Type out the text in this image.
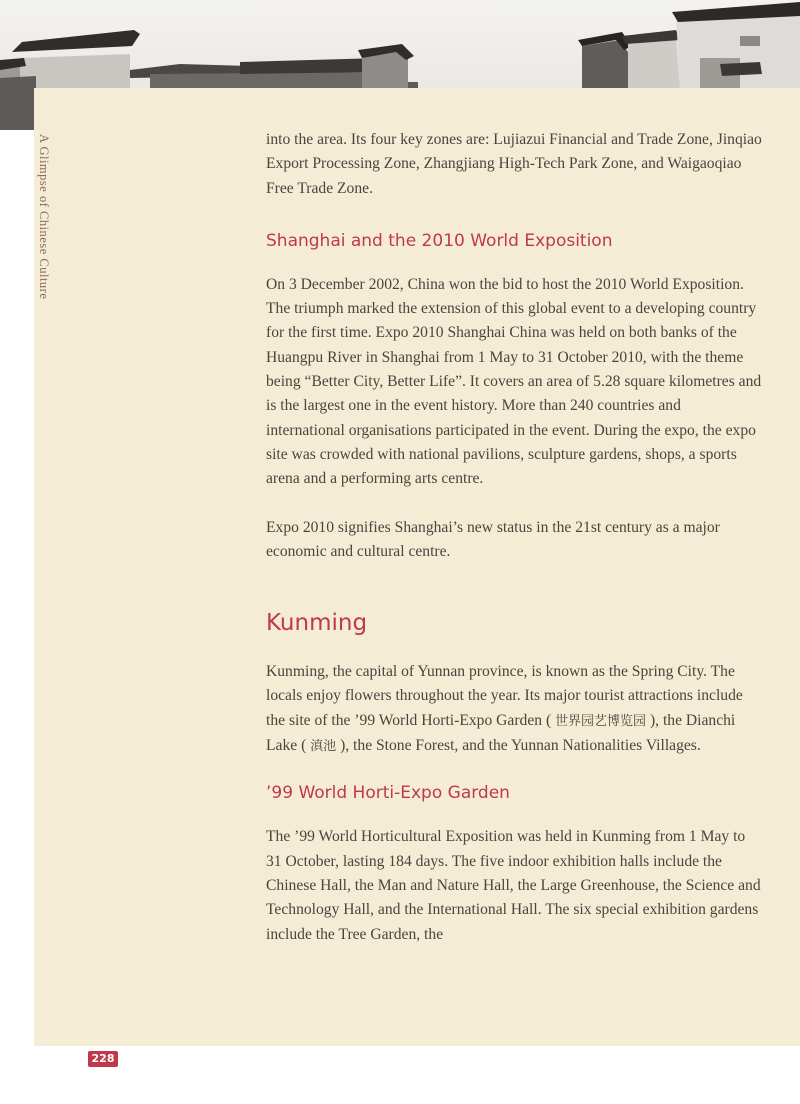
A Glimpse of Chinese Culture	into the area. Its four key zones are: Lujiazui Financial and Trade Zone, Jinqiao Export Processing Zone, Zhangjiang High-Tech Park Zone, and Waigaoqiao Free Trade Zone.

Shanghai and the 2010 World Exposition

On 3 December 2002, China won the bid to host the 2010 World Exposition. The triumph marked the extension of this global event to a developing country for the first time. Expo 2010 Shanghai China was held on both banks of the Huangpu River in Shanghai from 1 May to 31 October 2010, with the theme being “Better City, Better Life”. It covers an area of 5.28 square kilometres and is the largest one in the event history. More than 240 countries and international organisations participated in the event. During the expo, the expo site was crowded with national pavilions, sculpture gardens, shops, a sports arena and a performing arts centre.

Expo 2010 signifies Shanghai’s new status in the 21st century as a major economic and cultural centre.

Kunming

Kunming, the capital of Yunnan province, is known as the Spring City. The locals enjoy flowers throughout the year. Its major tourist attractions include the site of the ’99 World Horti-Expo Garden ( 世界园艺博览园 ), the Dianchi Lake ( 滇池 ), the Stone Forest, and the Yunnan Nationalities Villages.

’99 World Horti-Expo Garden

The ’99 World Horticultural Exposition was held in Kunming from 1 May to 31 October, lasting 184 days. The five indoor exhibition halls include the Chinese Hall, the Man and Nature Hall, the Large Greenhouse, the Science and Technology Hall, and the International Hall. The six special exhibition gardens include the Tree Garden, the

228
